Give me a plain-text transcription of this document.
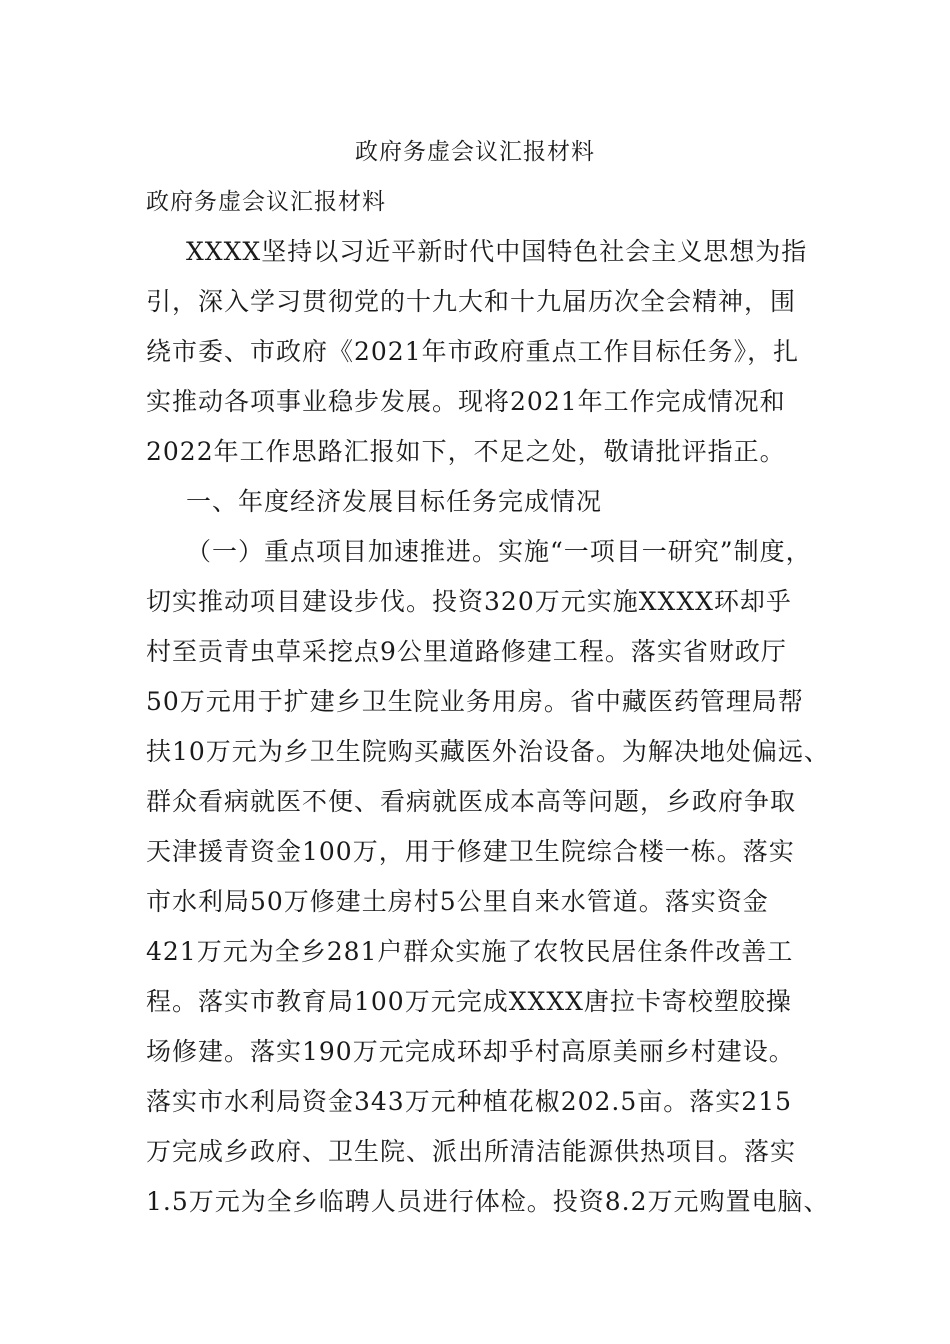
政府务虚会议汇报材料
政府务虚会议汇报材料
XXXX坚持以习近平新时代中国特色社会主义思想为指
引，深入学习贯彻党的十九大和十九届历次全会精神，围
绕市委、市政府《2021年市政府重点工作目标任务》，扎
实推动各项事业稳步发展。现将2021年工作完成情况和
2022年工作思路汇报如下，不足之处，敬请批评指正。
一、年度经济发展目标任务完成情况
（一）重点项目加速推进。实施“一项目一研究”制度，
切实推动项目建设步伐。投资320万元实施XXXX环却乎
村至贡青虫草采挖点9公里道路修建工程。落实省财政厅
50万元用于扩建乡卫生院业务用房。省中藏医药管理局帮
扶10万元为乡卫生院购买藏医外治设备。为解决地处偏远、
群众看病就医不便、看病就医成本高等问题，乡政府争取
天津援青资金100万，用于修建卫生院综合楼一栋。落实
市水利局50万修建土房村5公里自来水管道。落实资金
421万元为全乡281户群众实施了农牧民居住条件改善工
程。落实市教育局100万元完成XXXX唐拉卡寄校塑胶操
场修建。落实190万元完成环却乎村高原美丽乡村建设。
落实市水利局资金343万元种植花椒202.5亩。落实215
万完成乡政府、卫生院、派出所清洁能源供热项目。落实
1.5万元为全乡临聘人员进行体检。投资8.2万元购置电脑、
